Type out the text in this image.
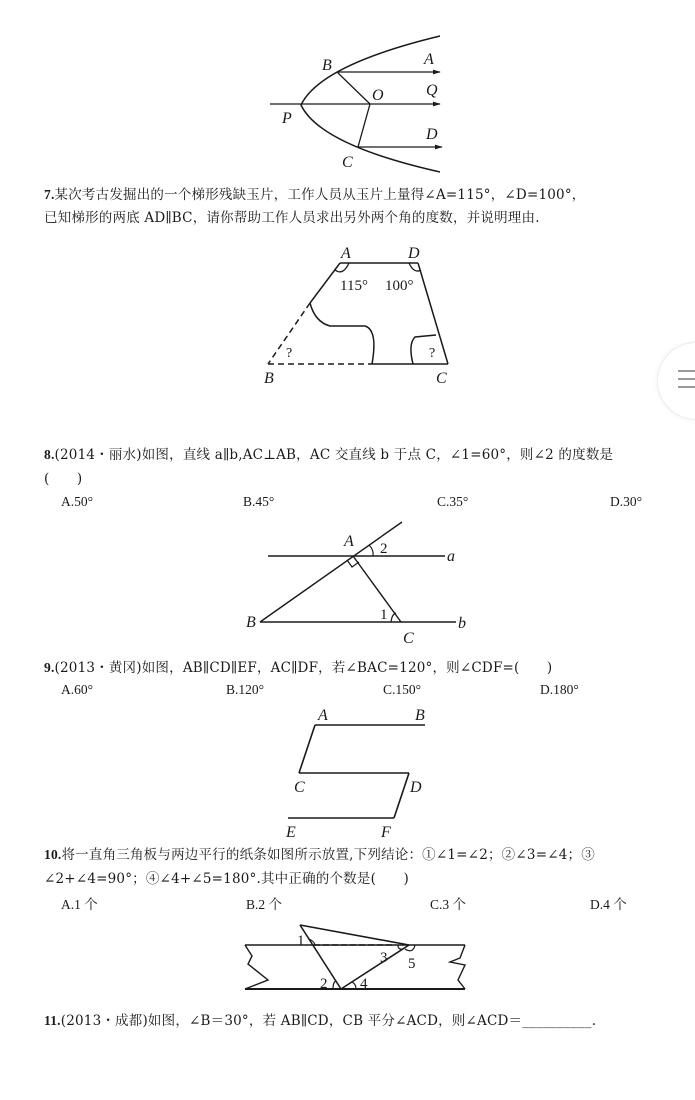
B	A
O	Q
P
D
C
7.某次考古发掘出的一个梯形残缺玉片，工作人员从玉片上量得∠A=115°，∠D=100°，
已知梯形的两底 AD∥BC，请你帮助工作人员求出另外两个角的度数，并说明理由.
A	D
B	C
115° 100°
?	?
8.(2014・丽水)如图，直线 a∥b,AC⊥AB，AC 交直线 b 于点 C，∠1=60°，则∠2 的度数是
(　　)
A.50°	B.45°	C.35°	D.30°
A 2	a
B	1	b
C
9.(2013・黄冈)如图，AB∥CD∥EF，AC∥DF，若∠BAC=120°，则∠CDF=(　　)
A.60°	B.120°	C.150°	D.180°
A	B
C	D
E	F
10.将一直角三角板与两边平行的纸条如图所示放置,下列结论：①∠1=∠2；②∠3=∠4；③
∠2+∠4=90°；④∠4+∠5=180°.其中正确的个数是(　　)
A.1 个	B.2 个	C.3 个	D.4 个
1
3 5
2 4
11.(2013・成都)如图，∠B＝30°，若 AB∥CD，CB 平分∠ACD，则∠ACD＝__________.
